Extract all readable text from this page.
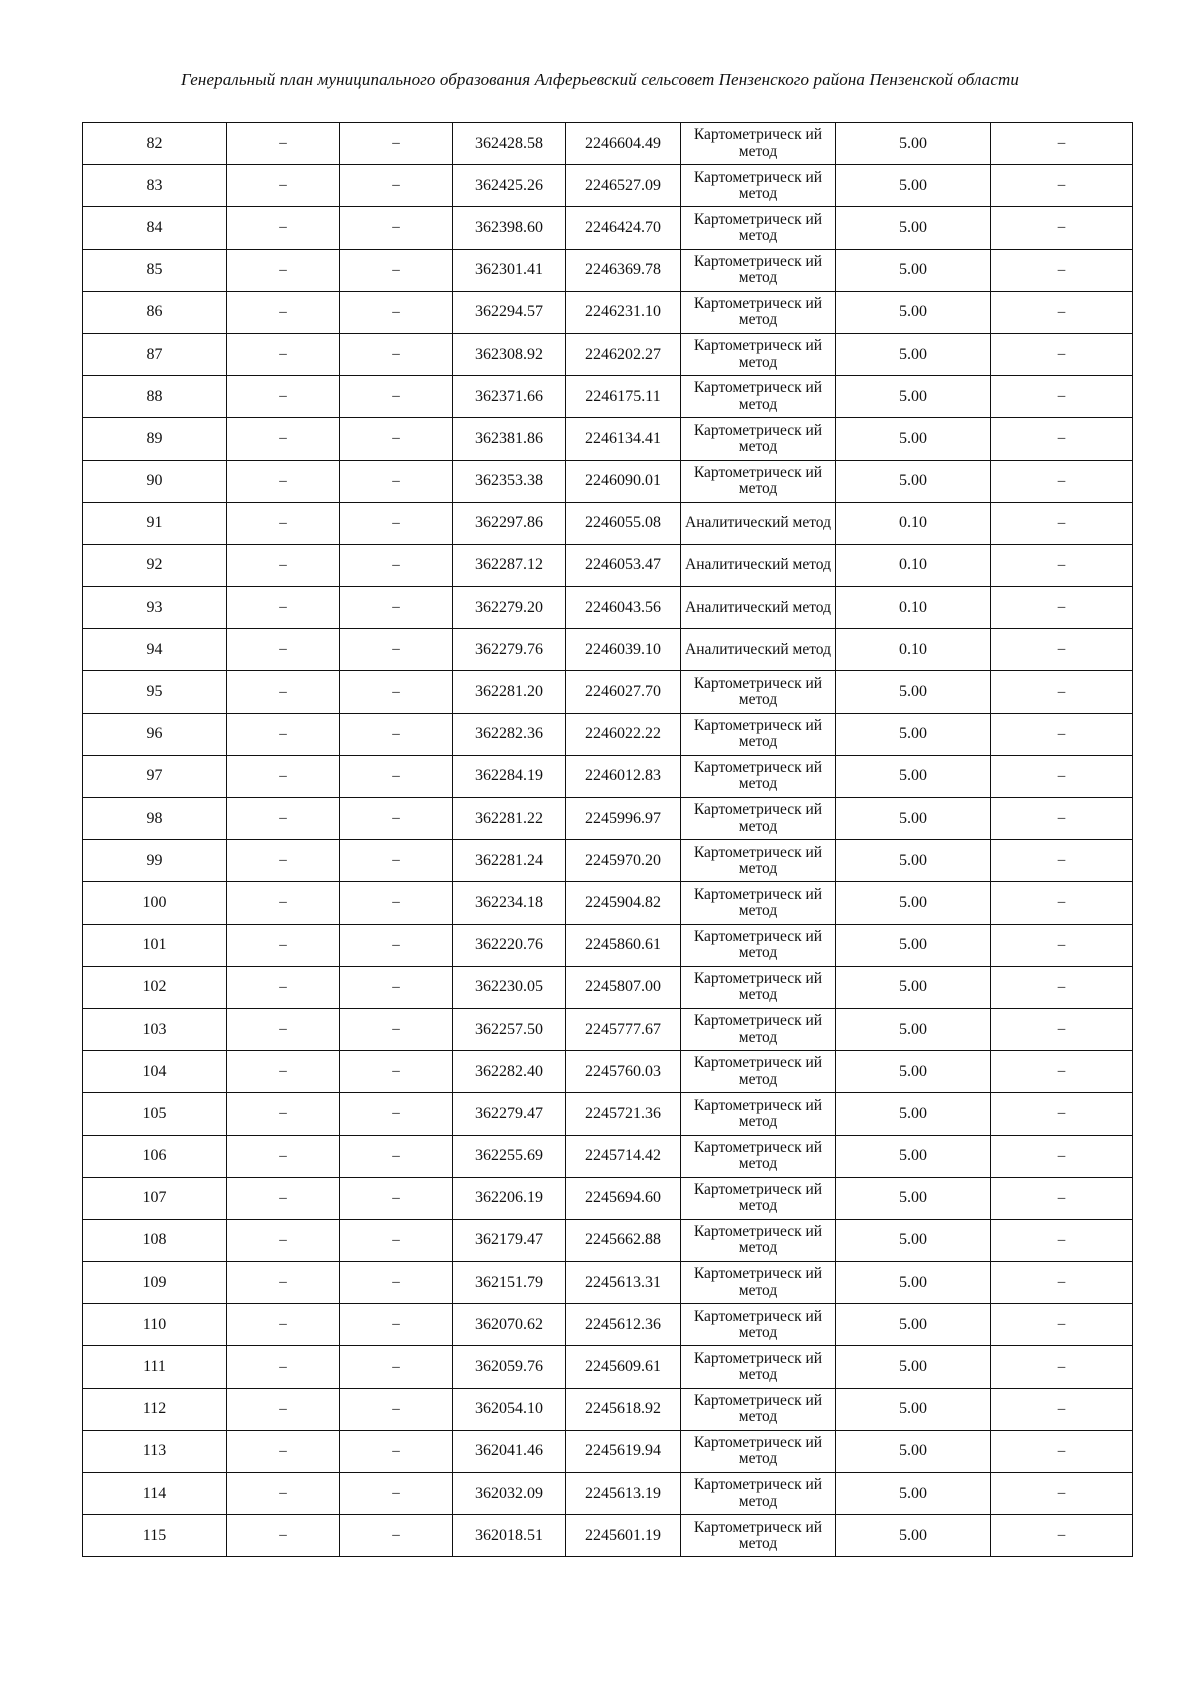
Генеральный план муниципального образования Алферьевский сельсовет Пензенского района Пензенской области
82	–	–	362428.58	2246604.49	Картометрическ ий метод	5.00	–
83	–	–	362425.26	2246527.09	Картометрическ ий метод	5.00	–
84	–	–	362398.60	2246424.70	Картометрическ ий метод	5.00	–
85	–	–	362301.41	2246369.78	Картометрическ ий метод	5.00	–
86	–	–	362294.57	2246231.10	Картометрическ ий метод	5.00	–
87	–	–	362308.92	2246202.27	Картометрическ ий метод	5.00	–
88	–	–	362371.66	2246175.11	Картометрическ ий метод	5.00	–
89	–	–	362381.86	2246134.41	Картометрическ ий метод	5.00	–
90	–	–	362353.38	2246090.01	Картометрическ ий метод	5.00	–
91	–	–	362297.86	2246055.08	Аналитический метод	0.10	–
92	–	–	362287.12	2246053.47	Аналитический метод	0.10	–
93	–	–	362279.20	2246043.56	Аналитический метод	0.10	–
94	–	–	362279.76	2246039.10	Аналитический метод	0.10	–
95	–	–	362281.20	2246027.70	Картометрическ ий метод	5.00	–
96	–	–	362282.36	2246022.22	Картометрическ ий метод	5.00	–
97	–	–	362284.19	2246012.83	Картометрическ ий метод	5.00	–
98	–	–	362281.22	2245996.97	Картометрическ ий метод	5.00	–
99	–	–	362281.24	2245970.20	Картометрическ ий метод	5.00	–
100	–	–	362234.18	2245904.82	Картометрическ ий метод	5.00	–
101	–	–	362220.76	2245860.61	Картометрическ ий метод	5.00	–
102	–	–	362230.05	2245807.00	Картометрическ ий метод	5.00	–
103	–	–	362257.50	2245777.67	Картометрическ ий метод	5.00	–
104	–	–	362282.40	2245760.03	Картометрическ ий метод	5.00	–
105	–	–	362279.47	2245721.36	Картометрическ ий метод	5.00	–
106	–	–	362255.69	2245714.42	Картометрическ ий метод	5.00	–
107	–	–	362206.19	2245694.60	Картометрическ ий метод	5.00	–
108	–	–	362179.47	2245662.88	Картометрическ ий метод	5.00	–
109	–	–	362151.79	2245613.31	Картометрическ ий метод	5.00	–
110	–	–	362070.62	2245612.36	Картометрическ ий метод	5.00	–
111	–	–	362059.76	2245609.61	Картометрическ ий метод	5.00	–
112	–	–	362054.10	2245618.92	Картометрическ ий метод	5.00	–
113	–	–	362041.46	2245619.94	Картометрическ ий метод	5.00	–
114	–	–	362032.09	2245613.19	Картометрическ ий метод	5.00	–
115	–	–	362018.51	2245601.19	Картометрическ ий метод	5.00	–
